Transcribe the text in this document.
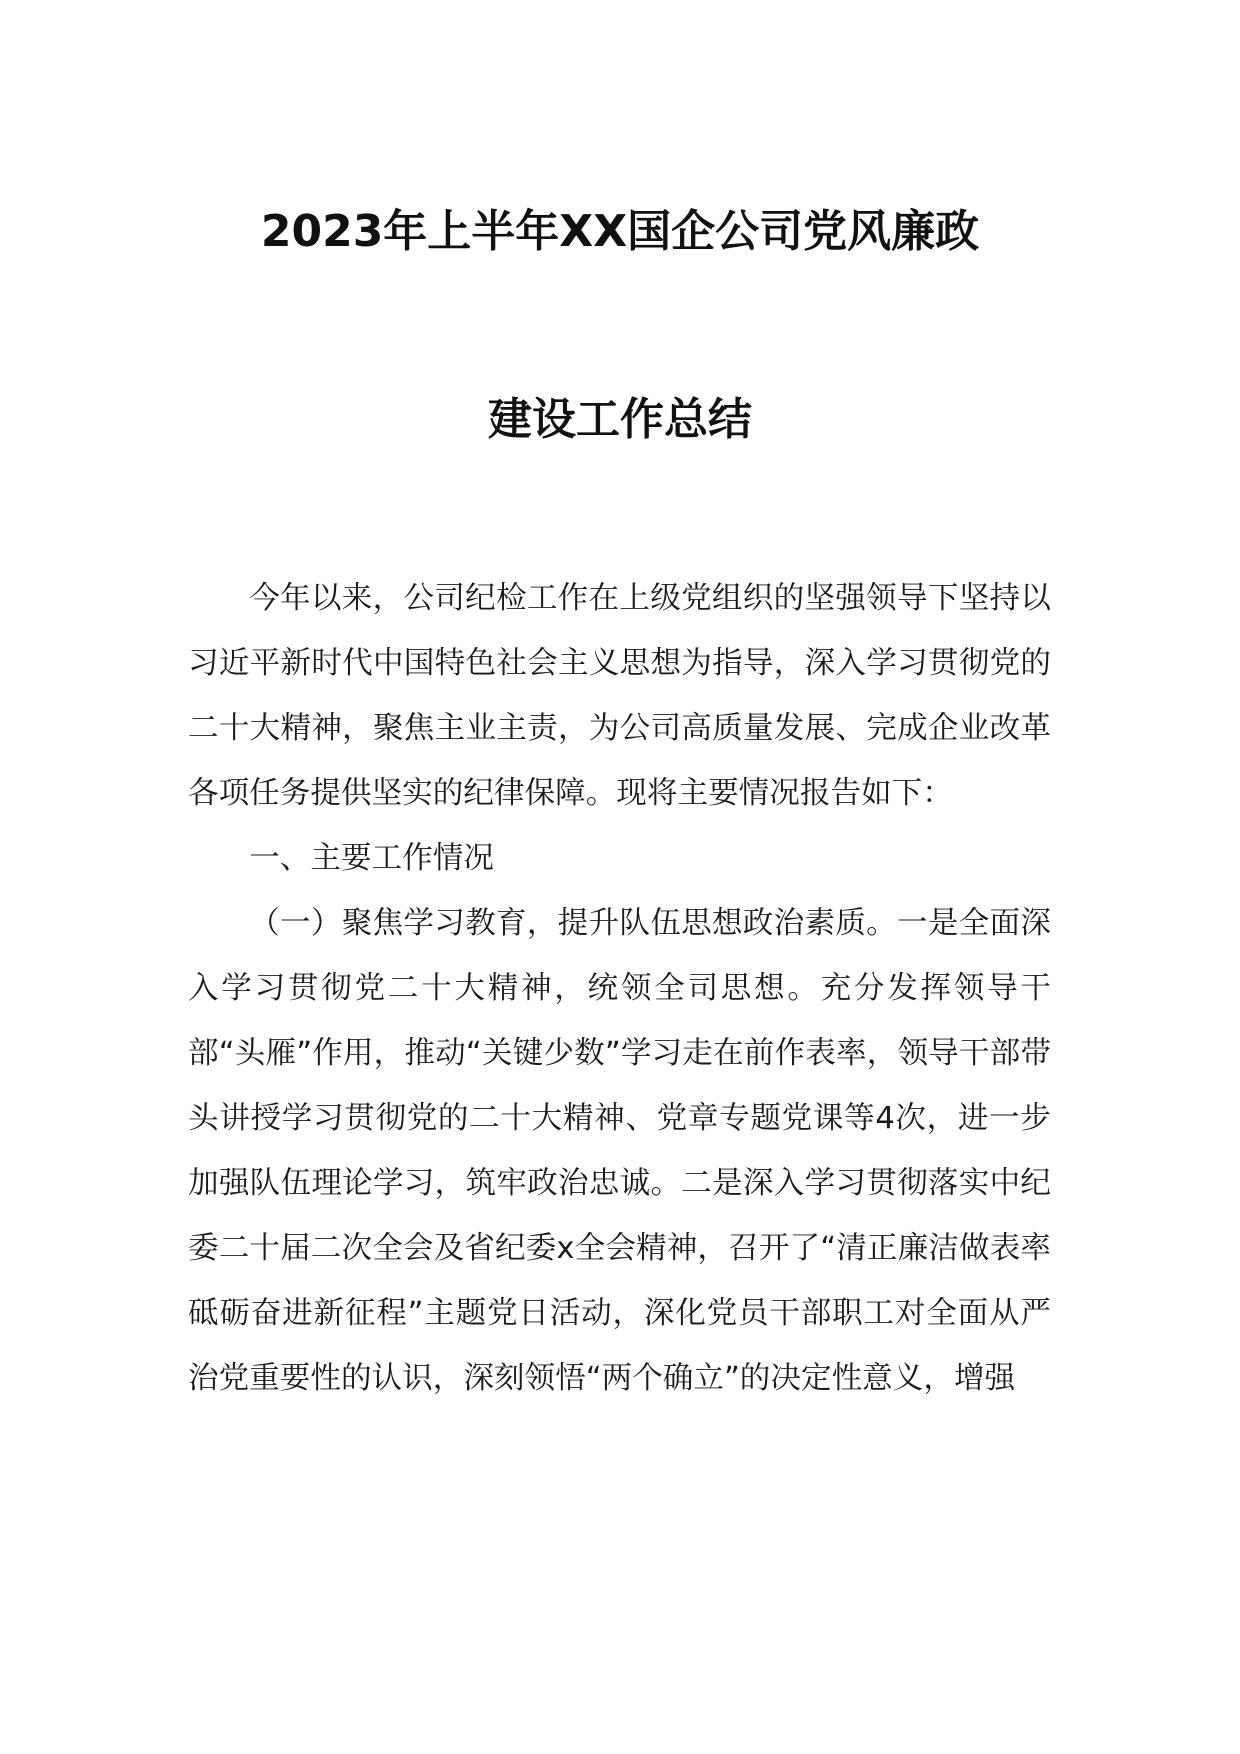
2023年上半年XX国企公司党风廉政
建设工作总结

今年以来，公司纪检工作在上级党组织的坚强领导下坚持以习近平新时代中国特色社会主义思想为指导，深入学习贯彻党的二十大精神，聚焦主业主责，为公司高质量发展、完成企业改革各项任务提供坚实的纪律保障。现将主要情况报告如下：

一、主要工作情况

（一）聚焦学习教育，提升队伍思想政治素质。一是全面深入学习贯彻党二十大精神，统领全司思想。充分发挥领导干部“头雁”作用，推动“关键少数”学习走在前作表率，领导干部带头讲授学习贯彻党的二十大精神、党章专题党课等4次，进一步加强队伍理论学习，筑牢政治忠诚。二是深入学习贯彻落实中纪委二十届二次全会及省纪委x全会精神，召开了“清正廉洁做表率 砥砺奋进新征程”主题党日活动，深化党员干部职工对全面从严治党重要性的认识，深刻领悟“两个确立”的决定性意义，增强
